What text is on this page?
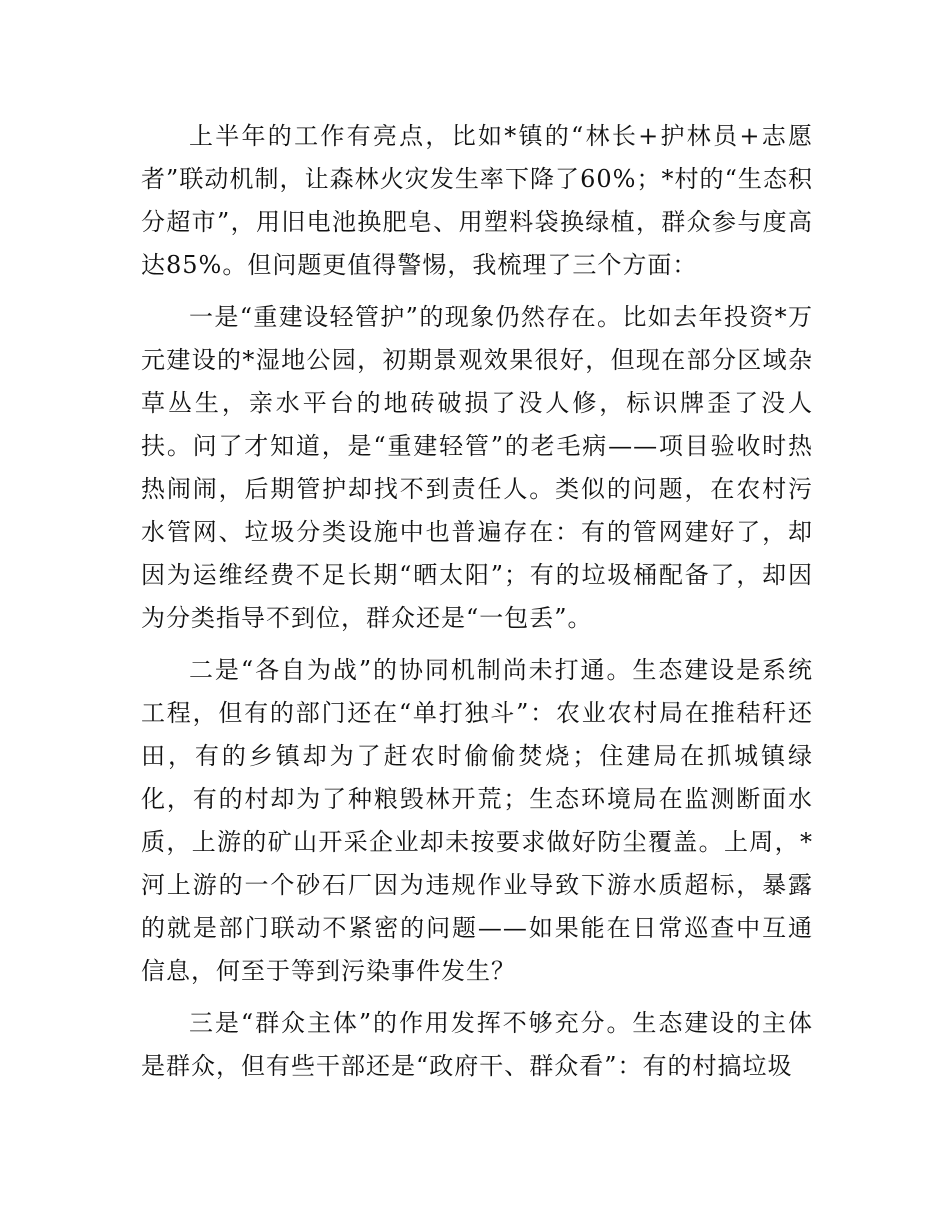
上半年的工作有亮点，比如*镇的“林长+护林员+志愿者”联动机制，让森林火灾发生率下降了60%；*村的“生态积分超市”，用旧电池换肥皂、用塑料袋换绿植，群众参与度高达85%。但问题更值得警惕，我梳理了三个方面：

一是“重建设轻管护”的现象仍然存在。比如去年投资*万元建设的*湿地公园，初期景观效果很好，但现在部分区域杂草丛生，亲水平台的地砖破损了没人修，标识牌歪了没人扶。问了才知道，是“重建轻管”的老毛病——项目验收时热热闹闹，后期管护却找不到责任人。类似的问题，在农村污水管网、垃圾分类设施中也普遍存在：有的管网建好了，却因为运维经费不足长期“晒太阳”；有的垃圾桶配备了，却因为分类指导不到位，群众还是“一包丢”。

二是“各自为战”的协同机制尚未打通。生态建设是系统工程，但有的部门还在“单打独斗”：农业农村局在推秸秆还田，有的乡镇却为了赶农时偷偷焚烧；住建局在抓城镇绿化，有的村却为了种粮毁林开荒；生态环境局在监测断面水质，上游的矿山开采企业却未按要求做好防尘覆盖。上周，*河上游的一个砂石厂因为违规作业导致下游水质超标，暴露的就是部门联动不紧密的问题——如果能在日常巡查中互通信息，何至于等到污染事件发生？

三是“群众主体”的作用发挥不够充分。生态建设的主体是群众，但有些干部还是“政府干、群众看”：有的村搞垃圾
